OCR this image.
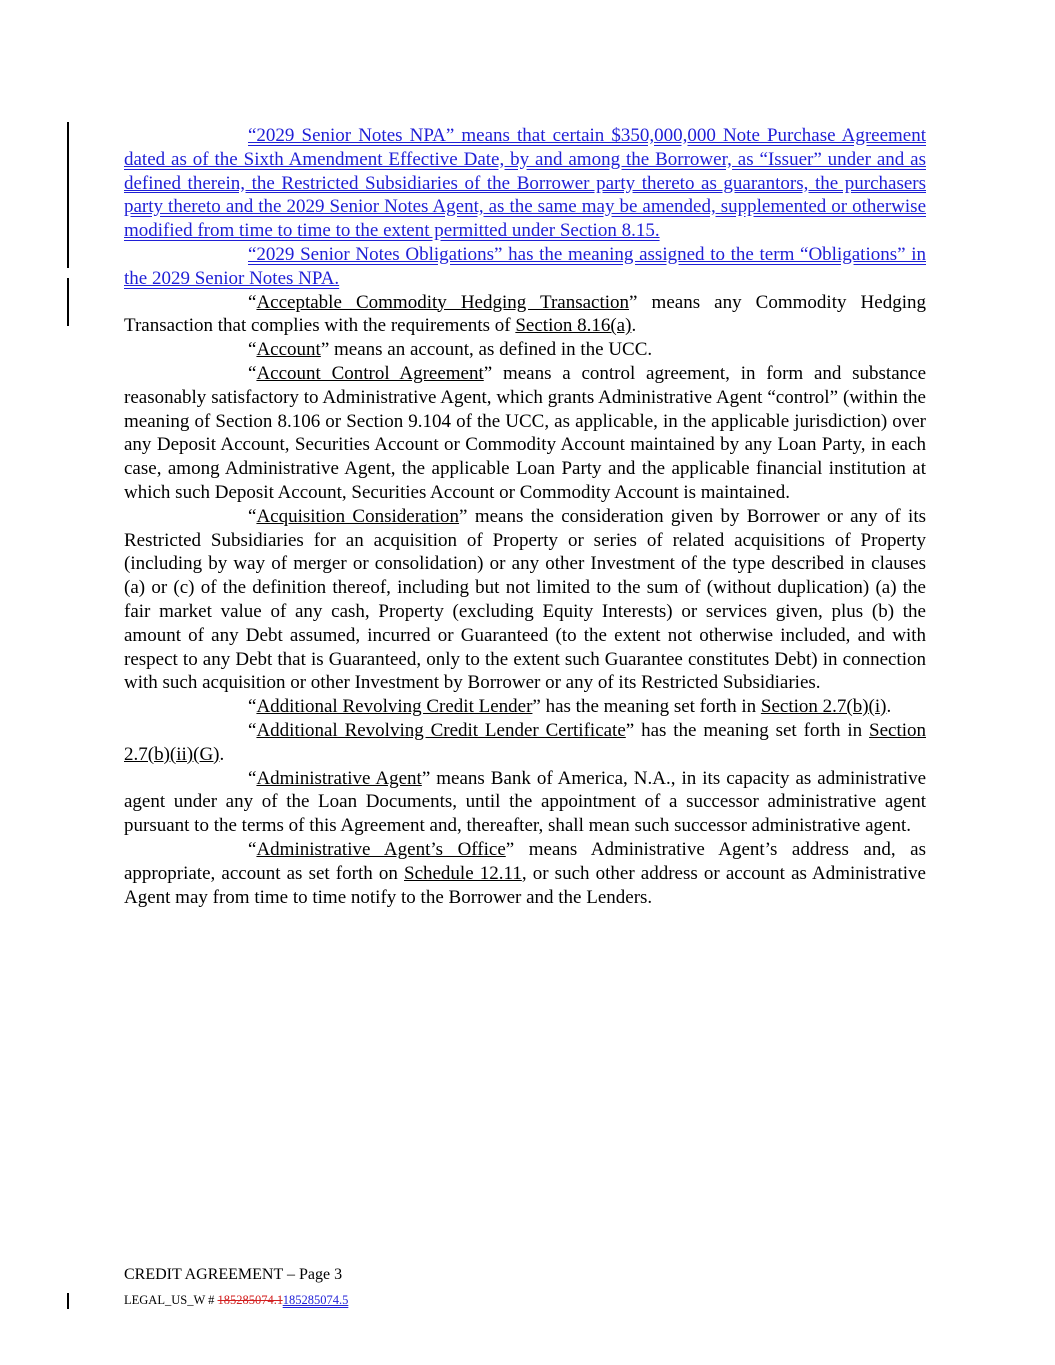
“2029 Senior Notes NPA” means that certain $350,000,000 Note Purchase Agreement dated as of the Sixth Amendment Effective Date, by and among the Borrower, as “Issuer” under and as defined therein, the Restricted Subsidiaries of the Borrower party thereto as guarantors, the purchasers party thereto and the 2029 Senior Notes Agent, as the same may be amended, supplemented or otherwise modified from time to time to the extent permitted under Section 8.15.

“2029 Senior Notes Obligations” has the meaning assigned to the term “Obligations” in the 2029 Senior Notes NPA.

“Acceptable Commodity Hedging Transaction” means any Commodity Hedging Transaction that complies with the requirements of Section 8.16(a).

“Account” means an account, as defined in the UCC.

“Account Control Agreement” means a control agreement, in form and substance reasonably satisfactory to Administrative Agent, which grants Administrative Agent “control” (within the meaning of Section 8.106 or Section 9.104 of the UCC, as applicable, in the applicable jurisdiction) over any Deposit Account, Securities Account or Commodity Account maintained by any Loan Party, in each case, among Administrative Agent, the applicable Loan Party and the applicable financial institution at which such Deposit Account, Securities Account or Commodity Account is maintained.

“Acquisition Consideration” means the consideration given by Borrower or any of its Restricted Subsidiaries for an acquisition of Property or series of related acquisitions of Property (including by way of merger or consolidation) or any other Investment of the type described in clauses (a) or (c) of the definition thereof, including but not limited to the sum of (without duplication) (a) the fair market value of any cash, Property (excluding Equity Interests) or services given, plus (b) the amount of any Debt assumed, incurred or Guaranteed (to the extent not otherwise included, and with respect to any Debt that is Guaranteed, only to the extent such Guarantee constitutes Debt) in connection with such acquisition or other Investment by Borrower or any of its Restricted Subsidiaries.

“Additional Revolving Credit Lender” has the meaning set forth in Section 2.7(b)(i).

“Additional Revolving Credit Lender Certificate” has the meaning set forth in Section 2.7(b)(ii)(G).

“Administrative Agent” means Bank of America, N.A., in its capacity as administrative agent under any of the Loan Documents, until the appointment of a successor administrative agent pursuant to the terms of this Agreement and, thereafter, shall mean such successor administrative agent.

“Administrative Agent’s Office” means Administrative Agent’s address and, as appropriate, account as set forth on Schedule 12.11, or such other address or account as Administrative Agent may from time to time notify to the Borrower and the Lenders.

CREDIT AGREEMENT – Page 3
LEGAL_US_W # 185285074.1185285074.5
